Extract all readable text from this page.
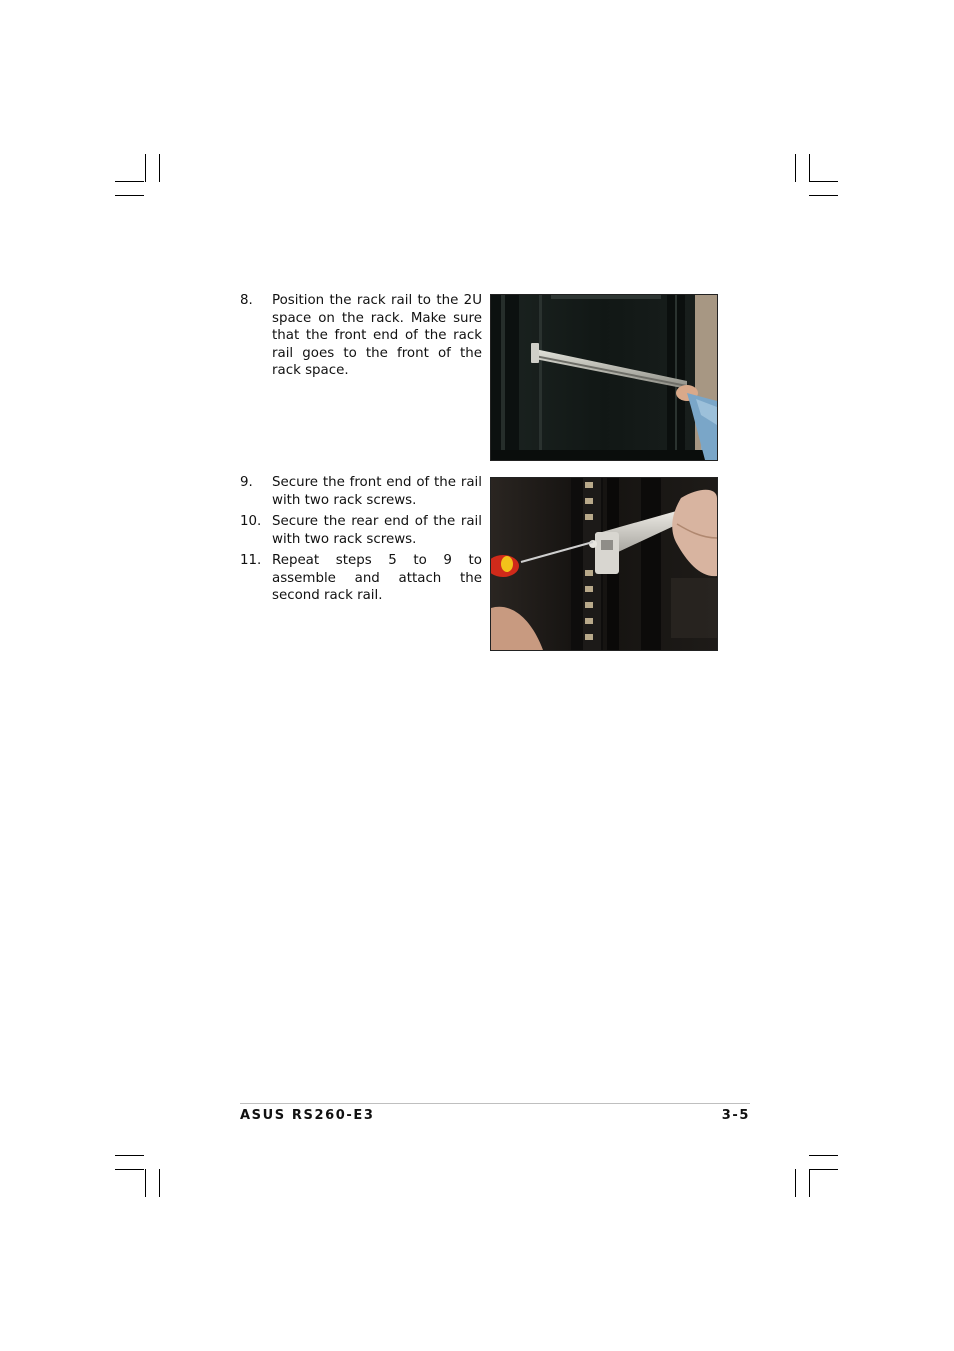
8. Position the rack rail to the 2U space on the rack. Make sure that the front end of the rack rail goes to the front of the rack space.
9. Secure the front end of the rail with two rack screws.
10. Secure the rear end of the rail with two rack screws.
11. Repeat steps 5 to 9 to assemble and attach the second rack rail.
ASUS RS260-E3	3-5
